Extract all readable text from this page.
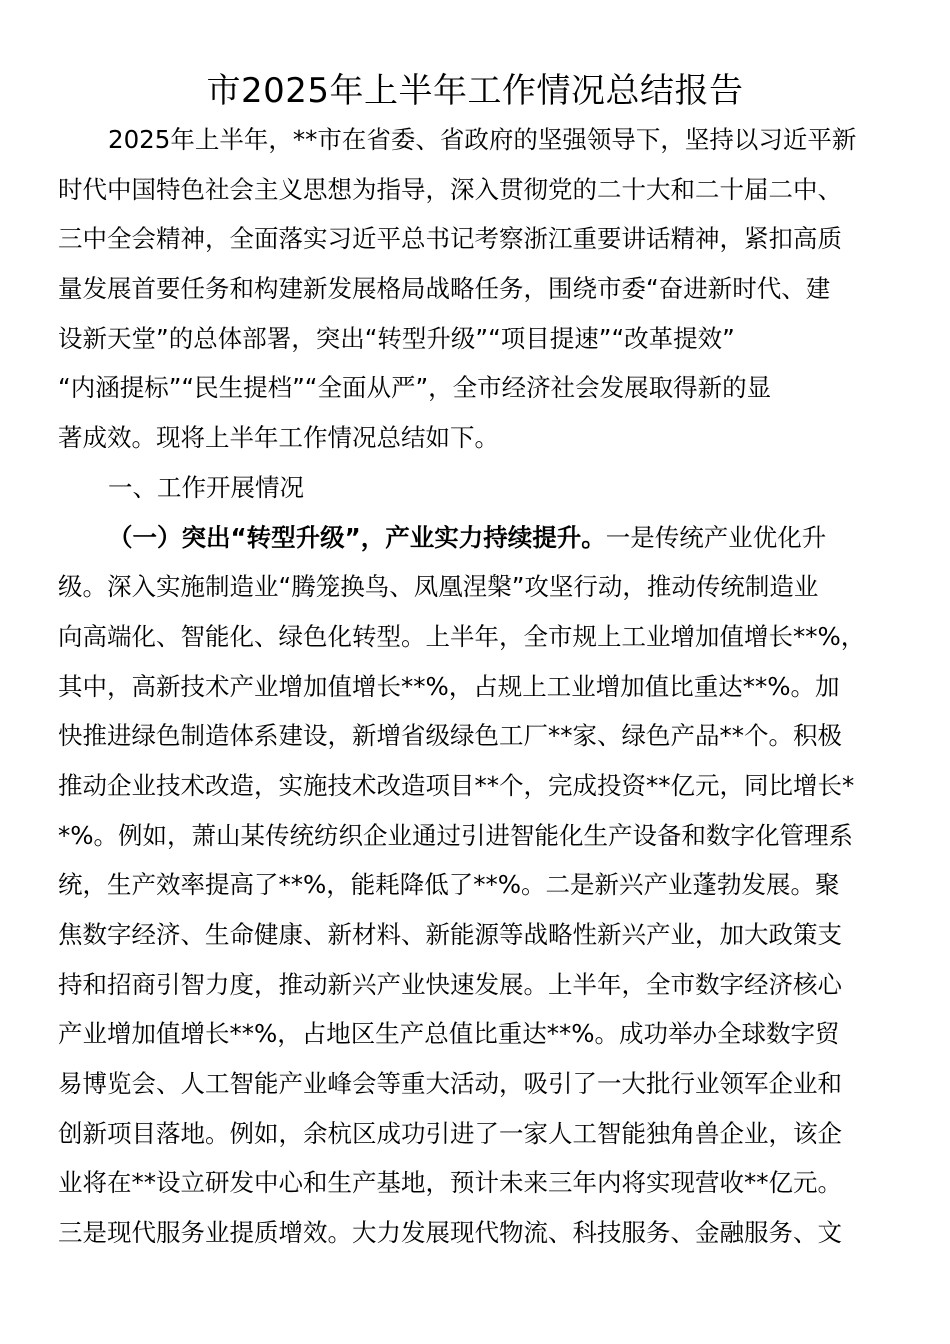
市2025年上半年工作情况总结报告
2025年上半年，**市在省委、省政府的坚强领导下，坚持以习近平新
时代中国特色社会主义思想为指导，深入贯彻党的二十大和二十届二中、
三中全会精神，全面落实习近平总书记考察浙江重要讲话精神，紧扣高质
量发展首要任务和构建新发展格局战略任务，围绕市委“奋进新时代、建
设新天堂”的总体部署，突出“转型升级”“项目提速”“改革提效”
“内涵提标”“民生提档”“全面从严”，全市经济社会发展取得新的显
著成效。现将上半年工作情况总结如下。
一、工作开展情况
（一）突出“转型升级”，产业实力持续提升。一是传统产业优化升
级。深入实施制造业“腾笼换鸟、凤凰涅槃”攻坚行动，推动传统制造业
向高端化、智能化、绿色化转型。上半年，全市规上工业增加值增长**%，
其中，高新技术产业增加值增长**%，占规上工业增加值比重达**%。加
快推进绿色制造体系建设，新增省级绿色工厂**家、绿色产品**个。积极
推动企业技术改造，实施技术改造项目**个，完成投资**亿元，同比增长*
*%。例如，萧山某传统纺织企业通过引进智能化生产设备和数字化管理系
统，生产效率提高了**%，能耗降低了**%。二是新兴产业蓬勃发展。聚
焦数字经济、生命健康、新材料、新能源等战略性新兴产业，加大政策支
持和招商引智力度，推动新兴产业快速发展。上半年，全市数字经济核心
产业增加值增长**%，占地区生产总值比重达**%。成功举办全球数字贸
易博览会、人工智能产业峰会等重大活动，吸引了一大批行业领军企业和
创新项目落地。例如，余杭区成功引进了一家人工智能独角兽企业，该企
业将在**设立研发中心和生产基地，预计未来三年内将实现营收**亿元。
三是现代服务业提质增效。大力发展现代物流、科技服务、金融服务、文
